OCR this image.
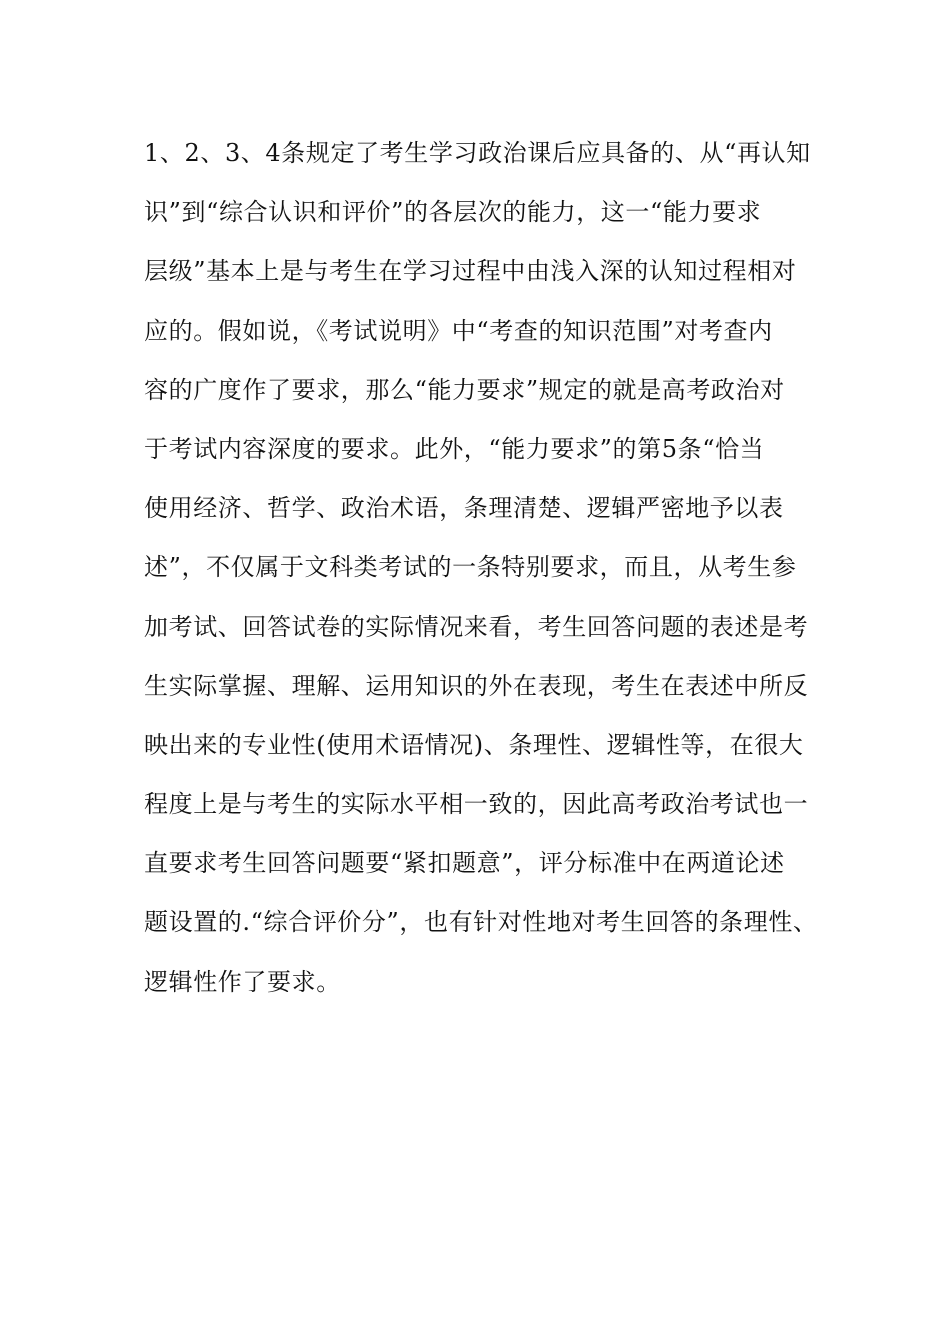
1、2、3、4条规定了考生学习政治课后应具备的、从“再认知
识”到“综合认识和评价”的各层次的能力，这一“能力要求
层级”基本上是与考生在学习过程中由浅入深的认知过程相对
应的。假如说，《考试说明》中“考查的知识范围”对考查内
容的广度作了要求，那么“能力要求”规定的就是高考政治对
于考试内容深度的要求。此外，“能力要求”的第5条“恰当
使用经济、哲学、政治术语，条理清楚、逻辑严密地予以表
述”，不仅属于文科类考试的一条特别要求，而且，从考生参
加考试、回答试卷的实际情况来看，考生回答问题的表述是考
生实际掌握、理解、运用知识的外在表现，考生在表述中所反
映出来的专业性(使用术语情况)、条理性、逻辑性等，在很大
程度上是与考生的实际水平相一致的，因此高考政治考试也一
直要求考生回答问题要“紧扣题意”，评分标准中在两道论述
题设置的.“综合评价分”，也有针对性地对考生回答的条理性、
逻辑性作了要求。
